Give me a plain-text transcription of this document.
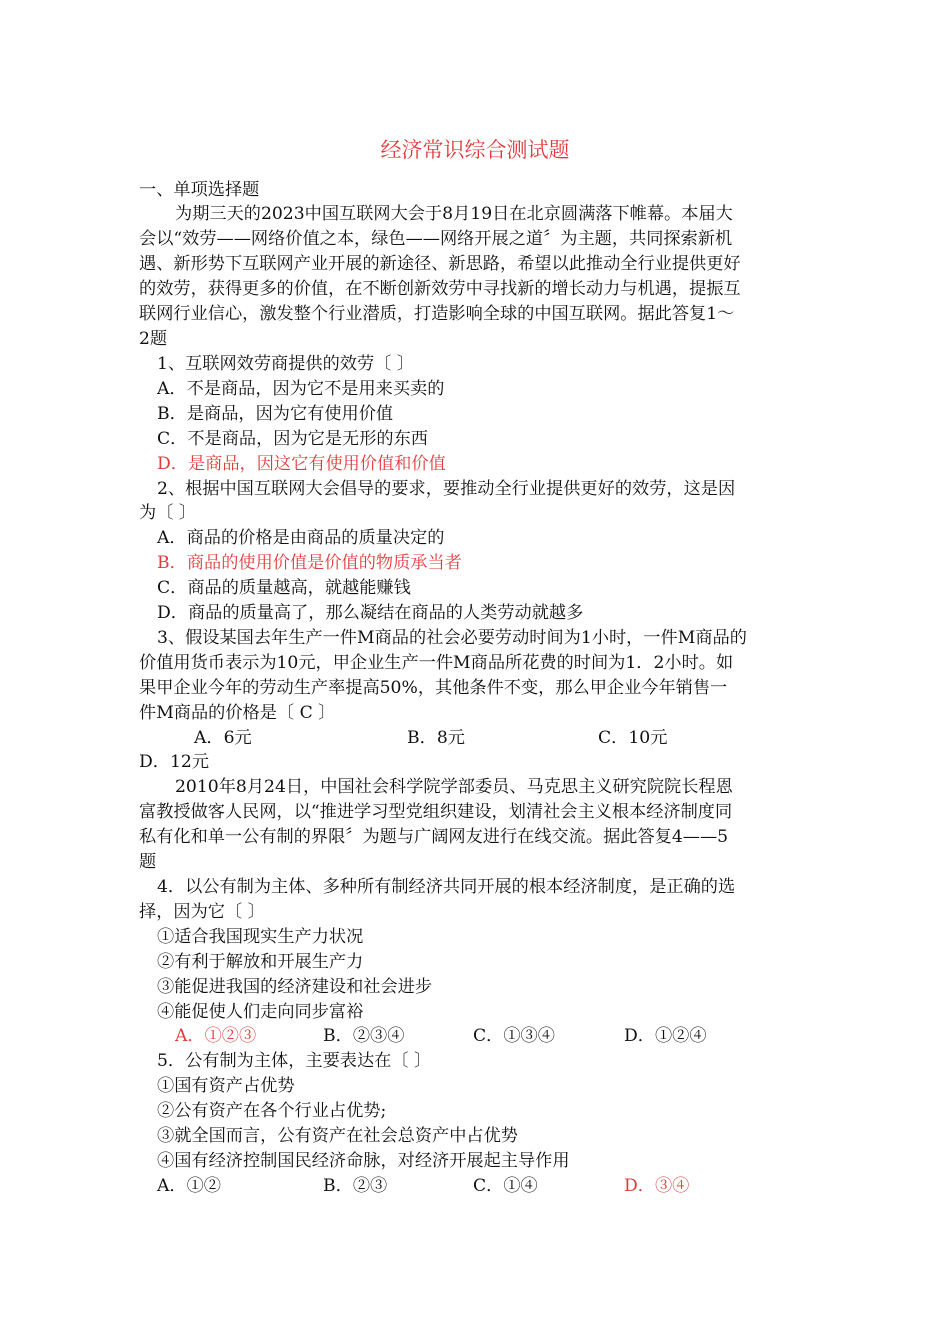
经济常识综合测试题
一、单项选择题
为期三天的2023中国互联网大会于8月19日在北京圆满落下帷幕。本届大
会以“效劳——网络价值之本，绿色——网络开展之道〞为主题，共同探索新机
遇、新形势下互联网产业开展的新途径、新思路，希望以此推动全行业提供更好
的效劳，获得更多的价值，在不断创新效劳中寻找新的增长动力与机遇，提振互
联网行业信心，激发整个行业潜质，打造影响全球的中国互联网。据此答复1～
2题
1、互联网效劳商提供的效劳〔 〕
A．不是商品，因为它不是用来买卖的
B．是商品，因为它有使用价值
C．不是商品，因为它是无形的东西
D．是商品，因这它有使用价值和价值
2、根据中国互联网大会倡导的要求，要推动全行业提供更好的效劳，这是因
为〔 〕
A．商品的价格是由商品的质量决定的
B．商品的使用价值是价值的物质承当者
C．商品的质量越高，就越能赚钱
D．商品的质量高了，那么凝结在商品的人类劳动就越多
3、假设某国去年生产一件M商品的社会必要劳动时间为1小时，一件M商品的
价值用货币表示为10元，甲企业生产一件M商品所花费的时间为1．2小时。如
果甲企业今年的劳动生产率提高50%，其他条件不变，那么甲企业今年销售一
件M商品的价格是〔 C 〕
A．6元	B．8元	C．10元
D．12元
2010年8月24日，中国社会科学院学部委员、马克思主义研究院院长程恩
富教授做客人民网，以“推进学习型党组织建设，划清社会主义根本经济制度同
私有化和单一公有制的界限〞为题与广阔网友进行在线交流。据此答复4——5
题
4．以公有制为主体、多种所有制经济共同开展的根本经济制度，是正确的选
择，因为它〔 〕
①适合我国现实生产力状况
②有利于解放和开展生产力
③能促进我国的经济建设和社会进步
④能促使人们走向同步富裕
A．①②③	B．②③④	C．①③④	D．①②④
5．公有制为主体，主要表达在〔 〕
①国有资产占优势
②公有资产在各个行业占优势;
③就全国而言，公有资产在社会总资产中占优势
④国有经济控制国民经济命脉，对经济开展起主导作用
A．①②	B．②③	C．①④	D．③④
